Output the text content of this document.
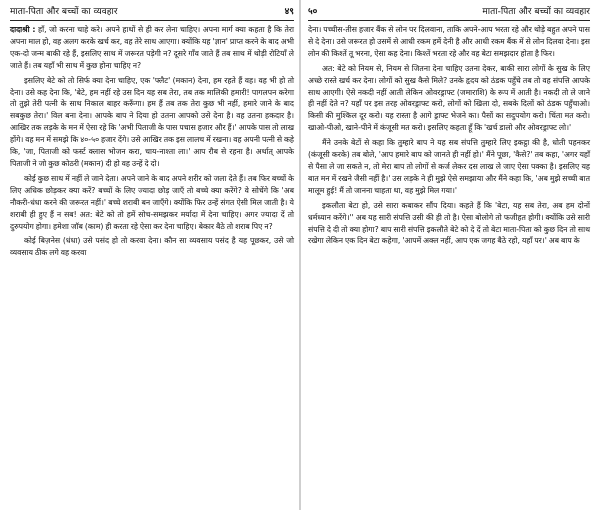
माता-पिता और बच्चों का व्यवहार	४९

दादाश्री : हाँ, जो करना चाहे करे। अपने हाथों से ही कर लेना चाहिए। अपना मार्ग क्या कहता है कि तेरा अपना माल हो, वह अलग करके खर्च कर, वह तेरे साथ आएगा। क्योंकि यह 'ज्ञान' प्राप्त करने के बाद अभी एक-दो जन्म बाकी रहे हैं, इसलिए साथ में जरूरत पड़ेगी न? दूसरे गाँव जाते हैं तब साथ में थोड़ी रोटियाँ ले जाते हैं। तब यहाँ भी साथ में कुछ होना चाहिए न?

इसलिए बेटे को तो सिर्फ क्या देना चाहिए, एक 'फ्लैट' (मकान) देना, हम रहते हैं वह। वह भी हो तो देना। उसे कह देना कि, 'बेटे, हम नहीं रहे उस दिन यह सब तेरा, तब तक मालिकी हमारी! पागलपन करेगा तो तुझे तेरी पत्नी के साथ निकाल बाहर करूँगा। हम हैं तब तक तेरा कुछ भी नहीं, हमारे जाने के बाद सबकुछ तेरा।' विल बना देना। आपके बाप ने दिया हो उतना आपको उसे देना है। वह उतना हकदार है। आखिर तक लड़के के मन में ऐसा रहे कि 'अभी पिताजी के पास पचास हजार और हैं।' आपके पास तो लाख होंगे। वह मन में समझे कि ४०-५० हजार देंगे। उसे आखिर तक इस लालच में रखना। वह अपनी पत्नी से कहे कि, 'जा, पिताजी को फर्स्ट क्लास भोजन करा, चाय-नाश्ता ला।' आप रौब से रहना है। अर्थात् आपके पिताजी ने जो कुछ कोठरी (मकान) दी हो वह उन्हें दे दो।

कोई कुछ साथ में नहीं ले जाने देता। अपने जाने के बाद अपने शरीर को जला देते हैं। तब फिर बच्चों के लिए अधिक छोड़कर क्या करें? बच्चों के लिए ज्यादा छोड़ जाएँ तो बच्चे क्या करेंगे? वे सोचेंगे कि 'अब नौकरी-धंधा करने की जरूरत नहीं।' बच्चे शराबी बन जाएँगे। क्योंकि फिर उन्हें संगत ऐसी मिल जाती है। ये शराबी ही हुए हैं न सब! अत: बेटे को तो हमें सोच-समझकर मर्यादा में देना चाहिए। अगर ज्यादा दें तो दुरुपयोग होगा। हमेशा जॉब (काम) ही करता रहे ऐसा कर देना चाहिए। बेकार बैठे तो शराब पिए न?

कोई बिज़नेस (धंधा) उसे पसंद हो तो करवा देना। कौन सा व्यवसाय पसंद है यह पूछकर, उसे जो व्यवसाय ठीक लगे वह करवा

५०	माता-पिता और बच्चों का व्यवहार

देना। पच्चीस-तीस हजार बैंक से लोन पर दिलवाना, ताकि अपने-आप भरता रहे और थोड़े बहुत अपने पास से दे देना। उसे जरूरत हो उसमें से आधी रकम हमें देनी है और आधी रकम बैंक में से लोन दिलवा देना। इस लोन की किश्तें तू भरना, ऐसा कह देना। किश्तें भरता रहे और वह बेटा समझदार होता है फिर।

अत: बेटे को नियम से, नियम से जितना देना चाहिए उतना देकर, बाकी सारा लोगों के सुख के लिए अच्छे रास्ते खर्च कर देना। लोगों को सुख कैसे मिले? उनके हृदय को ठंडक पहुँचे तब तो वह संपत्ति आपके साथ आएगी। ऐसे नकदी नहीं आती लेकिन ओवरड्राफ्ट (जमाराशि) के रूप में आती है। नकदी तो ले जाने ही नहीं देते न? यहाँ पर इस तरह ओवरड्राफ्ट करो, लोगों को खिला दो, सबके दिलों को ठंडक पहुँचाओ। किसी की मुश्किल दूर करो। यह रास्ता है आगे ड्राफ्ट भेजने का। पैसों का सदुपयोग करो। चिंता मत करो। खाओ-पीओ, खाने-पीने में कंजूसी मत करो। इसलिए कहता हूँ कि 'खर्च डालो और ओवरड्राफ्ट लो।'

मैंने उनके बेटों से कहा कि तुम्हारे बाप ने यह सब संपत्ति तुम्हारे लिए इकट्ठा की है, धोती पहनकर (कंजूसी करके) तब बोले, 'आप हमारे बाप को जानते ही नहीं हो।' मैंने पूछा, 'कैसे?' तब कहा, 'अगर यहाँ से पैसा ले जा सकते न, तो मेरा बाप तो लोगों से कर्ज लेकर दस लाख ले जाए ऐसा पक्का है। इसलिए यह बात मन में रखने जैसी नहीं है।' उस लड़के ने ही मुझे ऐसे समझाया और मैंने कहा कि, 'अब मुझे सच्ची बात मालूम हुई! मैं तो जानना चाहता था, वह मुझे मिल गया।'

इकलौता बेटा हो, उसे सारा कबाकर सौंप दिया। कहते हैं कि 'बेटा, यह सब तेरा, अब हम दोनों धर्मध्यान करेंगे।'' अब यह सारी संपत्ति उसी की ही तो है। ऐसा बोलोगे तो फजीहत होगी। क्योंकि उसे सारी संपत्ति दे दी तो क्या होगा? बाप सारी संपत्ति इकलौते बेटे को दे दें तो बेटा माता-पिता को कुछ दिन तो साथ रखेगा लेकिन एक दिन बेटा कहेगा, 'आपमें अक्ल नहीं, आप एक जगह बैठे रहो, यहाँ पर।' अब बाप के
